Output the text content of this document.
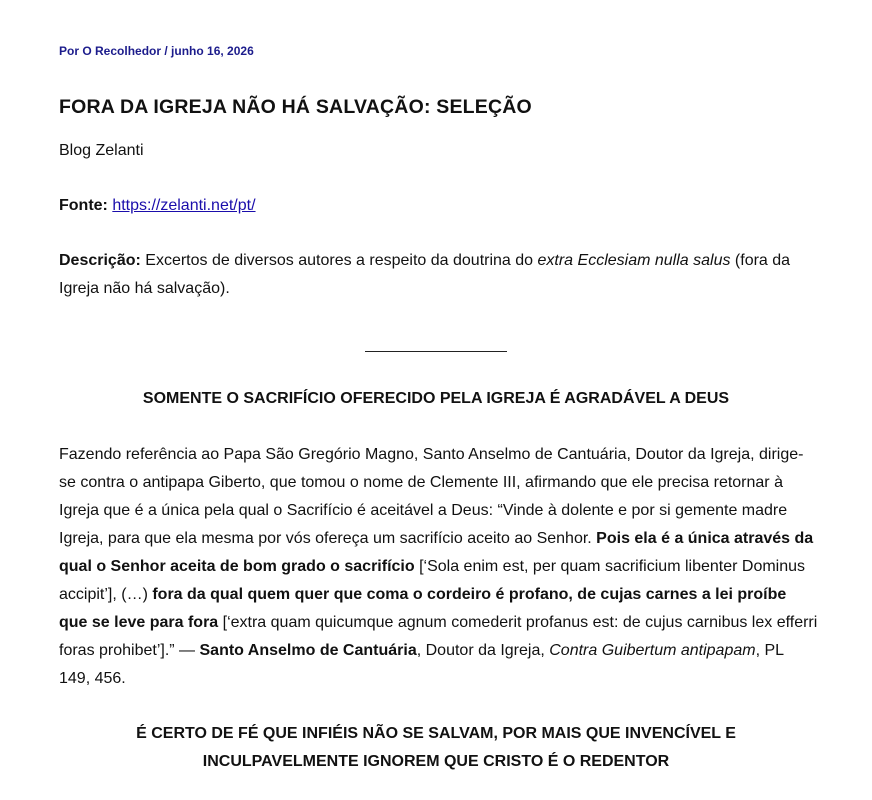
Por O Recolhedor / junho 16, 2026
FORA DA IGREJA NÃO HÁ SALVAÇÃO: SELEÇÃO

Blog Zelanti

Fonte: https://zelanti.net/pt/

Descrição: Excertos de diversos autores a respeito da doutrina do extra Ecclesiam nulla salus (fora da Igreja não há salvação).

SOMENTE O SACRIFÍCIO OFERECIDO PELA IGREJA É AGRADÁVEL A DEUS

Fazendo referência ao Papa São Gregório Magno, Santo Anselmo de Cantuária, Doutor da Igreja, dirige-se contra o antipapa Giberto, que tomou o nome de Clemente III, afirmando que ele precisa retornar à Igreja que é a única pela qual o Sacrifício é aceitável a Deus: “Vinde à dolente e por si gemente madre Igreja, para que ela mesma por vós ofereça um sacrifício aceito ao Senhor. Pois ela é a única através da qual o Senhor aceita de bom grado o sacrifício [‘Sola enim est, per quam sacrificium libenter Dominus accipit’], (…) fora da qual quem quer que coma o cordeiro é profano, de cujas carnes a lei proíbe que se leve para fora [‘extra quam quicumque agnum comederit profanus est: de cujus carnibus lex efferri foras prohibet’].” — Santo Anselmo de Cantuária, Doutor da Igreja, Contra Guibertum antipapam, PL 149, 456.

É CERTO DE FÉ QUE INFIÉIS NÃO SE SALVAM, POR MAIS QUE INVENCÍVEL E
INCULPAVELMENTE IGNOREM QUE CRISTO É O REDENTOR
